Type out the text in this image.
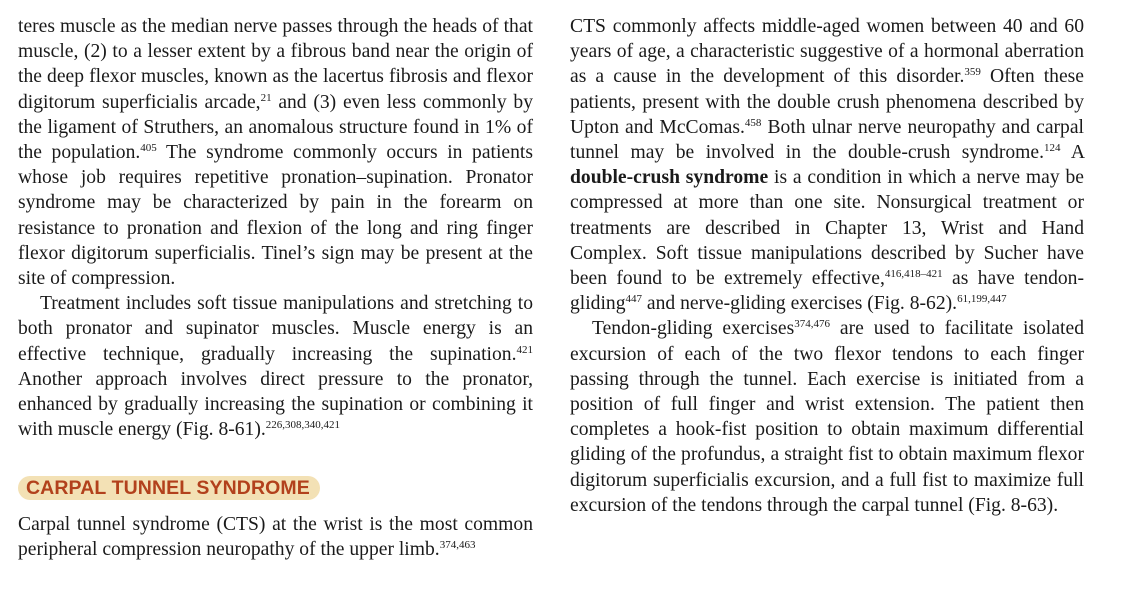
teres muscle as the median nerve passes through the heads of that muscle, (2) to a lesser extent by a fibrous band near the origin of the deep flexor muscles, known as the lacertus fibrosis and flexor digitorum superficialis arcade,$^{21}$ and (3) even less commonly by the ligament of Struthers, an anomalous structure found in 1% of the population.$^{405}$ The syndrome commonly occurs in patients whose job requires repetitive pronation–supination. Pronator syndrome may be characterized by pain in the forearm on resistance to pronation and flexion of the long and ring finger flexor digitorum superficialis. Tinel’s sign may be present at the site of compression.

Treatment includes soft tissue manipulations and stretching to both pronator and supinator muscles. Muscle energy is an effective technique, gradually increasing the supination.$^{421}$ Another approach involves direct pressure to the pronator, enhanced by gradually increasing the supination or combining it with muscle energy (Fig. 8-61).$^{226,308,340,421}$

CARPAL TUNNEL SYNDROME

Carpal tunnel syndrome (CTS) at the wrist is the most common peripheral compression neuropathy of the upper limb.$^{374,463}$

CTS commonly affects middle-aged women between 40 and 60 years of age, a characteristic suggestive of a hormonal aberration as a cause in the development of this disorder.$^{359}$ Often these patients, present with the double crush phenomena described by Upton and McComas.$^{458}$ Both ulnar nerve neuropathy and carpal tunnel may be involved in the double-crush syndrome.$^{124}$ A double-crush syndrome is a condition in which a nerve may be compressed at more than one site. Nonsurgical treatment or treatments are described in Chapter 13, Wrist and Hand Complex. Soft tissue manipulations described by Sucher have been found to be extremely effective,$^{416,418-421}$ as have tendon-gliding$^{447}$ and nerve-gliding exercises (Fig. 8-62).$^{61,199,447}$

Tendon-gliding exercises$^{374,476}$ are used to facilitate isolated excursion of each of the two flexor tendons to each finger passing through the tunnel. Each exercise is initiated from a position of full finger and wrist extension. The patient then completes a hook-fist position to obtain maximum differential gliding of the profundus, a straight fist to obtain maximum flexor digitorum superficialis excursion, and a full fist to maximize full excursion of the tendons through the carpal tunnel (Fig. 8-63).
